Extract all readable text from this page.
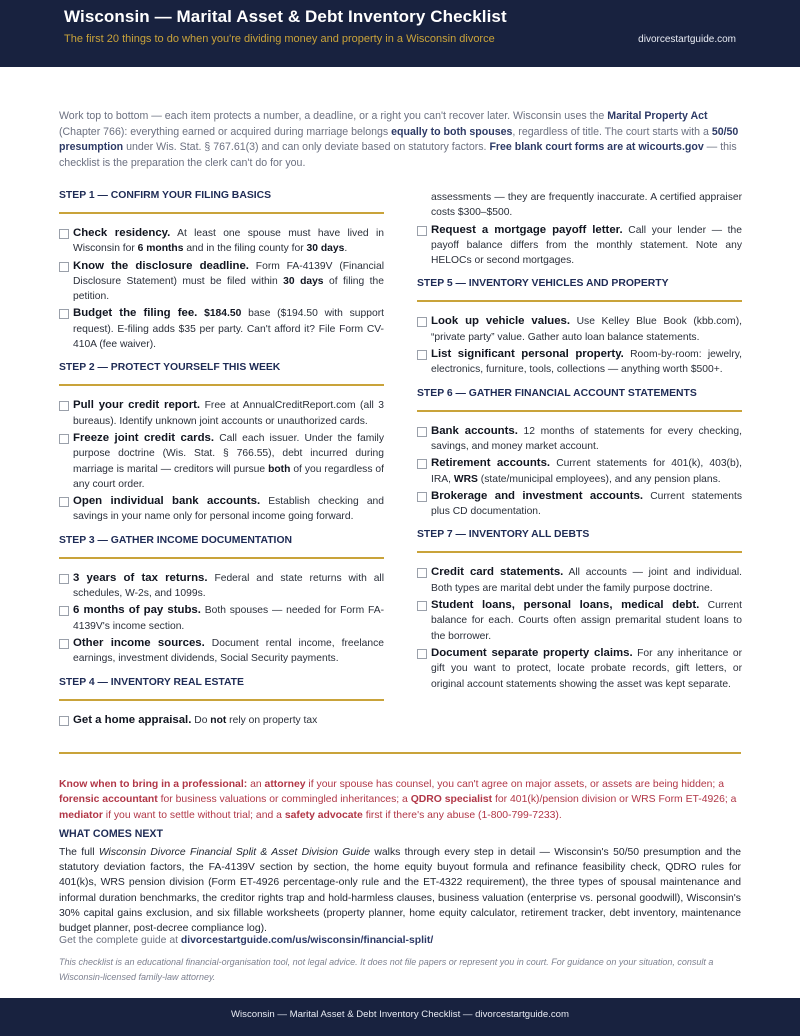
Wisconsin — Marital Asset & Debt Inventory Checklist
The first 20 things to do when you're dividing money and property in a Wisconsin divorce	divorcestartguide.com
Work top to bottom — each item protects a number, a deadline, or a right you can't recover later. Wisconsin uses the Marital Property Act (Chapter 766): everything earned or acquired during marriage belongs equally to both spouses, regardless of title. The court starts with a 50/50 presumption under Wis. Stat. § 767.61(3) and can only deviate based on statutory factors. Free blank court forms are at wicourts.gov — this checklist is the preparation the clerk can't do for you.
STEP 1 — CONFIRM YOUR FILING BASICS
Check residency. At least one spouse must have lived in Wisconsin for 6 months and in the filing county for 30 days.
Know the disclosure deadline. Form FA-4139V (Financial Disclosure Statement) must be filed within 30 days of filing the petition.
Budget the filing fee. $184.50 base ($194.50 with support request). E-filing adds $35 per party. Can't afford it? File Form CV-410A (fee waiver).
STEP 2 — PROTECT YOURSELF THIS WEEK
Pull your credit report. Free at AnnualCreditReport.com (all 3 bureaus). Identify unknown joint accounts or unauthorized cards.
Freeze joint credit cards. Call each issuer. Under the family purpose doctrine (Wis. Stat. § 766.55), debt incurred during marriage is marital — creditors will pursue both of you regardless of any court order.
Open individual bank accounts. Establish checking and savings in your name only for personal income going forward.
STEP 3 — GATHER INCOME DOCUMENTATION
3 years of tax returns. Federal and state returns with all schedules, W-2s, and 1099s.
6 months of pay stubs. Both spouses — needed for Form FA-4139V's income section.
Other income sources. Document rental income, freelance earnings, investment dividends, Social Security payments.
STEP 4 — INVENTORY REAL ESTATE
Get a home appraisal. Do not rely on property tax
assessments — they are frequently inaccurate. A certified appraiser costs $300–$500.
Request a mortgage payoff letter. Call your lender — the payoff balance differs from the monthly statement. Note any HELOCs or second mortgages.
STEP 5 — INVENTORY VEHICLES AND PROPERTY
Look up vehicle values. Use Kelley Blue Book (kbb.com), “private party” value. Gather auto loan balance statements.
List significant personal property. Room-by-room: jewelry, electronics, furniture, tools, collections — anything worth $500+.
STEP 6 — GATHER FINANCIAL ACCOUNT STATEMENTS
Bank accounts. 12 months of statements for every checking, savings, and money market account.
Retirement accounts. Current statements for 401(k), 403(b), IRA, WRS (state/municipal employees), and any pension plans.
Brokerage and investment accounts. Current statements plus CD documentation.
STEP 7 — INVENTORY ALL DEBTS
Credit card statements. All accounts — joint and individual. Both types are marital debt under the family purpose doctrine.
Student loans, personal loans, medical debt. Current balance for each. Courts often assign premarital student loans to the borrower.
Document separate property claims. For any inheritance or gift you want to protect, locate probate records, gift letters, or original account statements showing the asset was kept separate.
Know when to bring in a professional: an attorney if your spouse has counsel, you can't agree on major assets, or assets are being hidden; a forensic accountant for business valuations or commingled inheritances; a QDRO specialist for 401(k)/pension division or WRS Form ET-4926; a mediator if you want to settle without trial; and a safety advocate first if there's any abuse (1-800-799-7233).
WHAT COMES NEXT
The full Wisconsin Divorce Financial Split & Asset Division Guide walks through every step in detail — Wisconsin's 50/50 presumption and the statutory deviation factors, the FA-4139V section by section, the home equity buyout formula and refinance feasibility check, QDRO rules for 401(k)s, WRS pension division (Form ET-4926 percentage-only rule and the ET-4322 requirement), the three types of spousal maintenance and informal duration benchmarks, the creditor rights trap and hold-harmless clauses, business valuation (enterprise vs. personal goodwill), Wisconsin's 30% capital gains exclusion, and six fillable worksheets (property planner, home equity calculator, retirement tracker, debt inventory, maintenance budget planner, post-decree compliance log).
Get the complete guide at divorcestartguide.com/us/wisconsin/financial-split/
This checklist is an educational financial-organisation tool, not legal advice. It does not file papers or represent you in court. For guidance on your situation, consult a Wisconsin-licensed family-law attorney.
Wisconsin — Marital Asset & Debt Inventory Checklist — divorcestartguide.com
